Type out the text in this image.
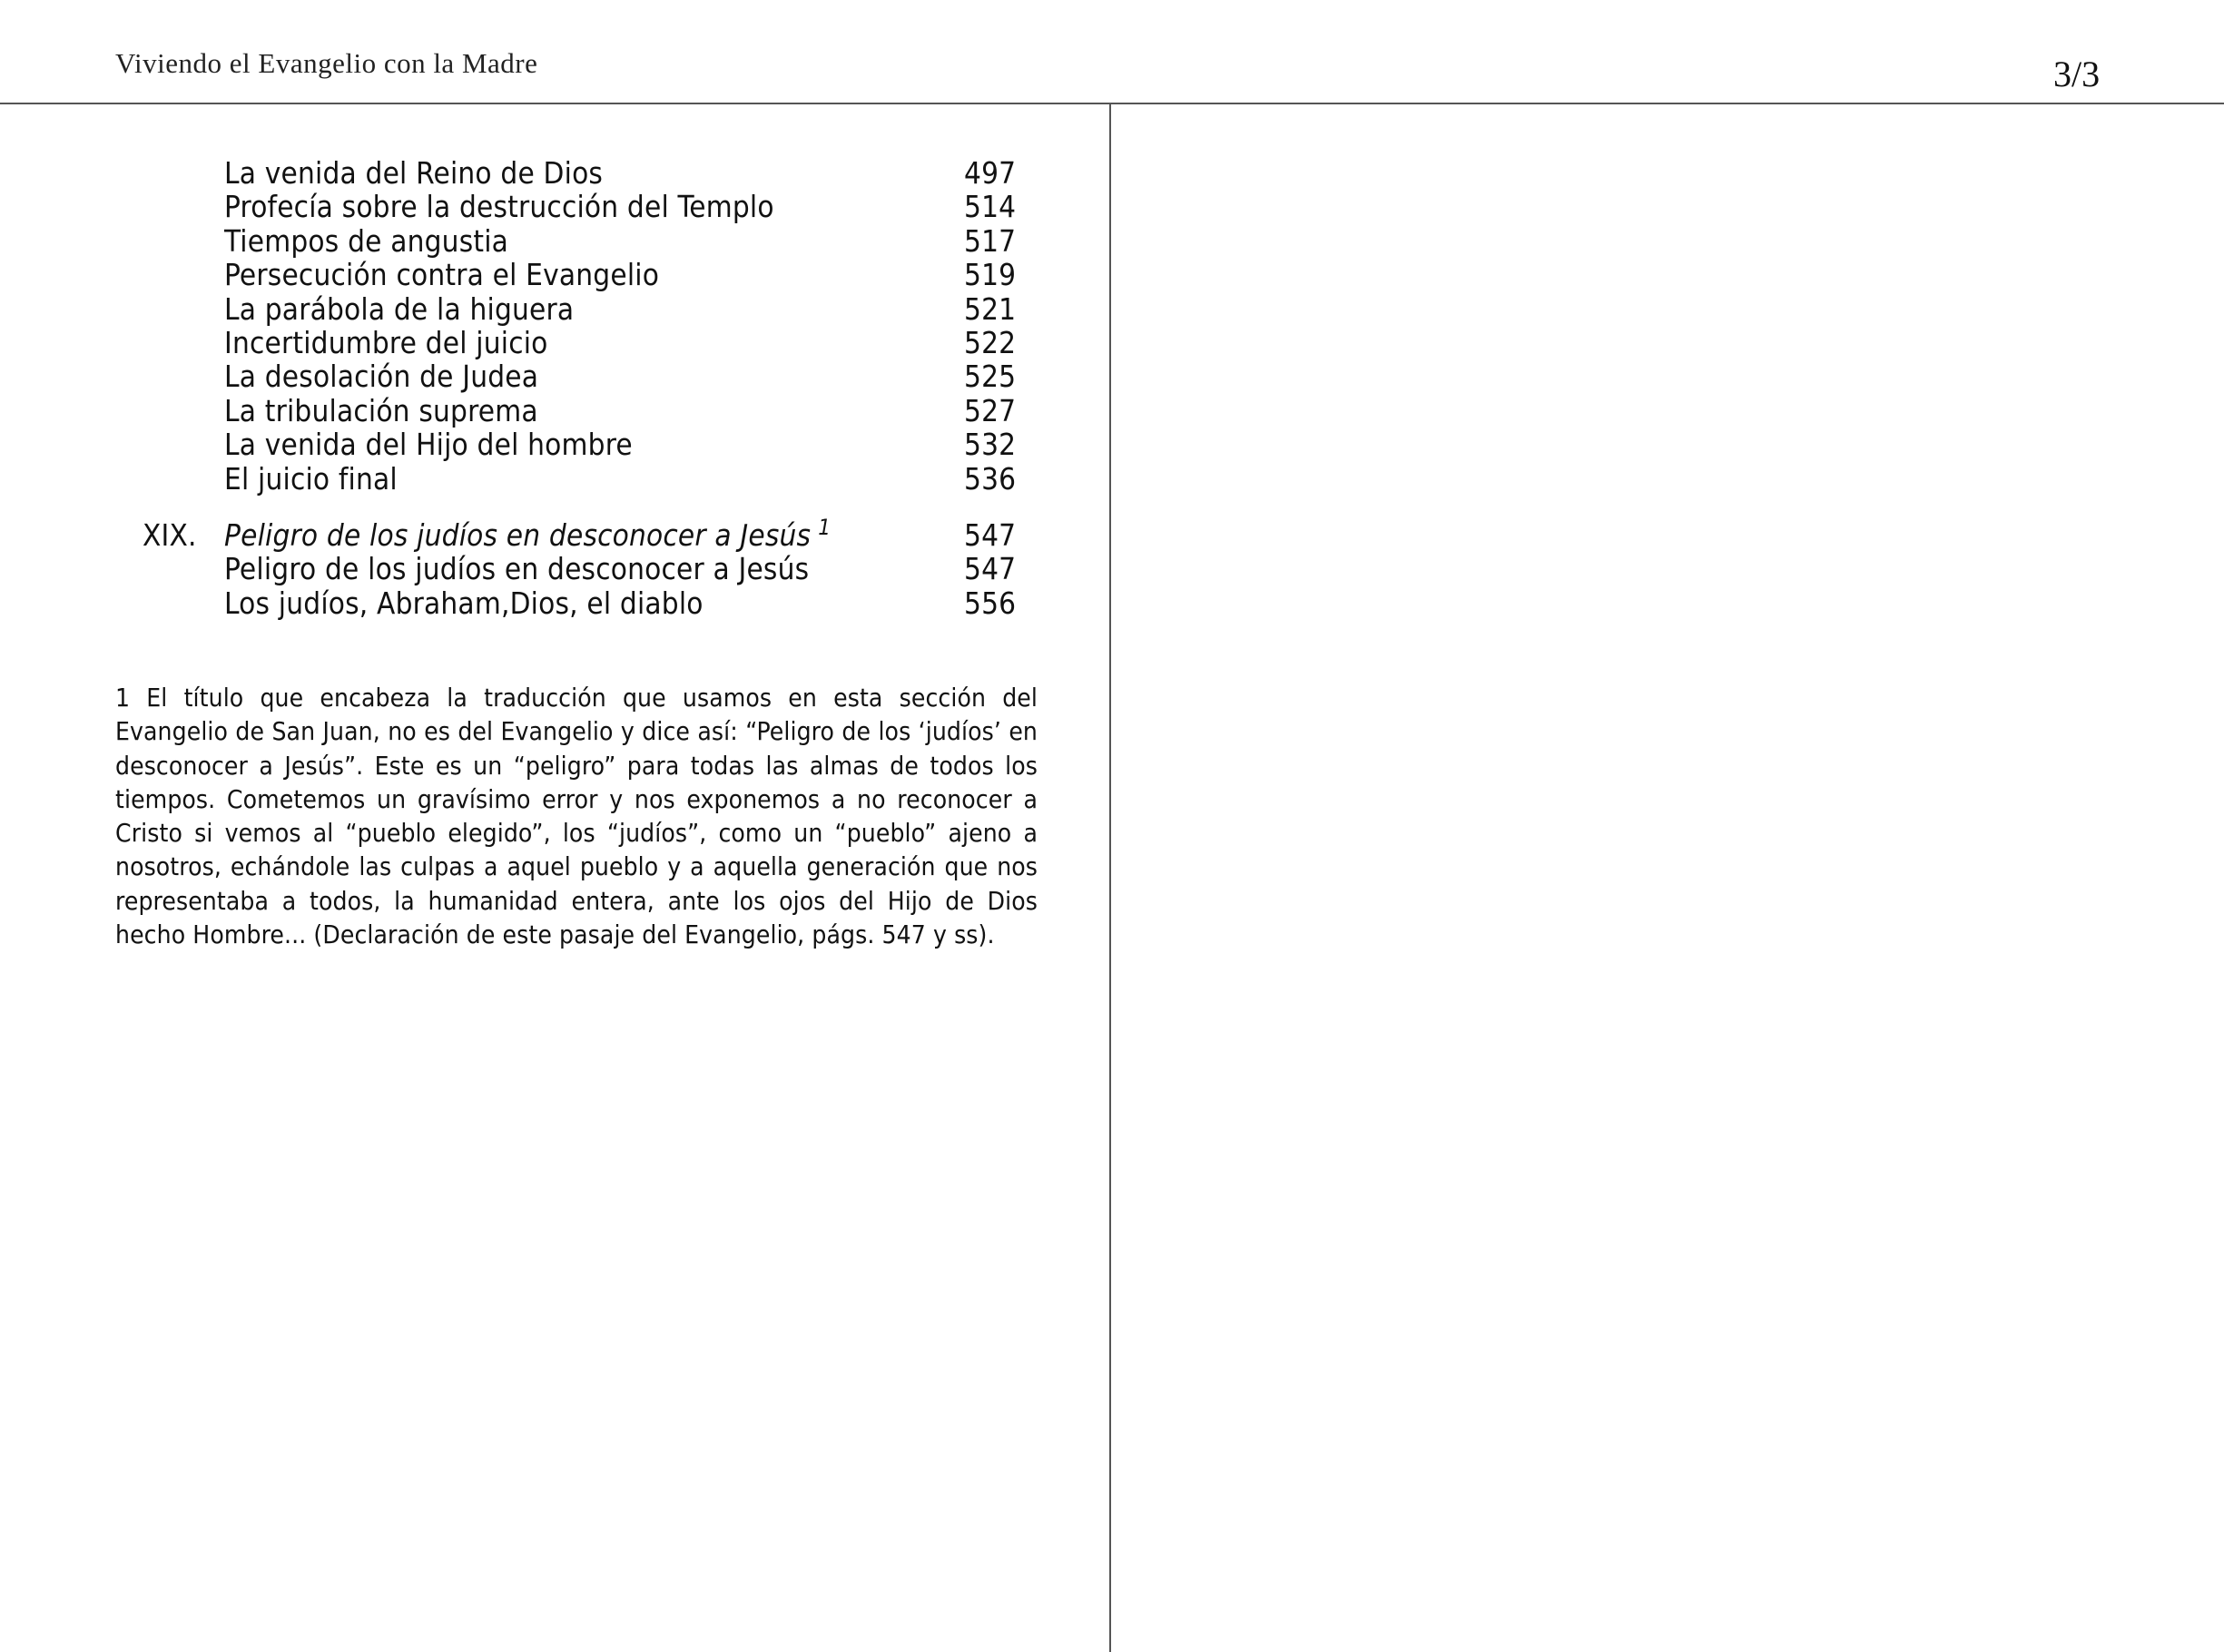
Viviendo el Evangelio con la Madre	3/3
La venida del Reino de Dios	497
Profecía sobre la destrucción del Templo	514
Tiempos de angustia	517
Persecución contra el Evangelio	519
La parábola de la higuera	521
Incertidumbre del juicio	522
La desolación de Judea	525
La tribulación suprema	527
La venida del Hijo del hombre	532
El juicio final	536
XIX. Peligro de los judíos en desconocer a Jesús $^1$	547
Peligro de los judíos en desconocer a Jesús	547
Los judíos, Abraham,Dios, el diablo	556
1 El título que encabeza la traducción que usamos en esta sección del Evangelio de San Juan, no es del Evangelio y dice así: “Peligro de los ‘judíos’ en desconocer a Jesús”. Este es un “peligro” para todas las almas de todos los tiempos. Cometemos un gravísimo error y nos exponemos a no reconocer a Cristo si vemos al “pueblo elegido”, los “judíos”, como un “pueblo” ajeno a nosotros, echándole las culpas a aquel pueblo y a aquella generación que nos representaba a todos, la humanidad entera, ante los ojos del Hijo de Dios hecho Hombre... (Declaración de este pasaje del Evangelio, págs. 547 y ss).
